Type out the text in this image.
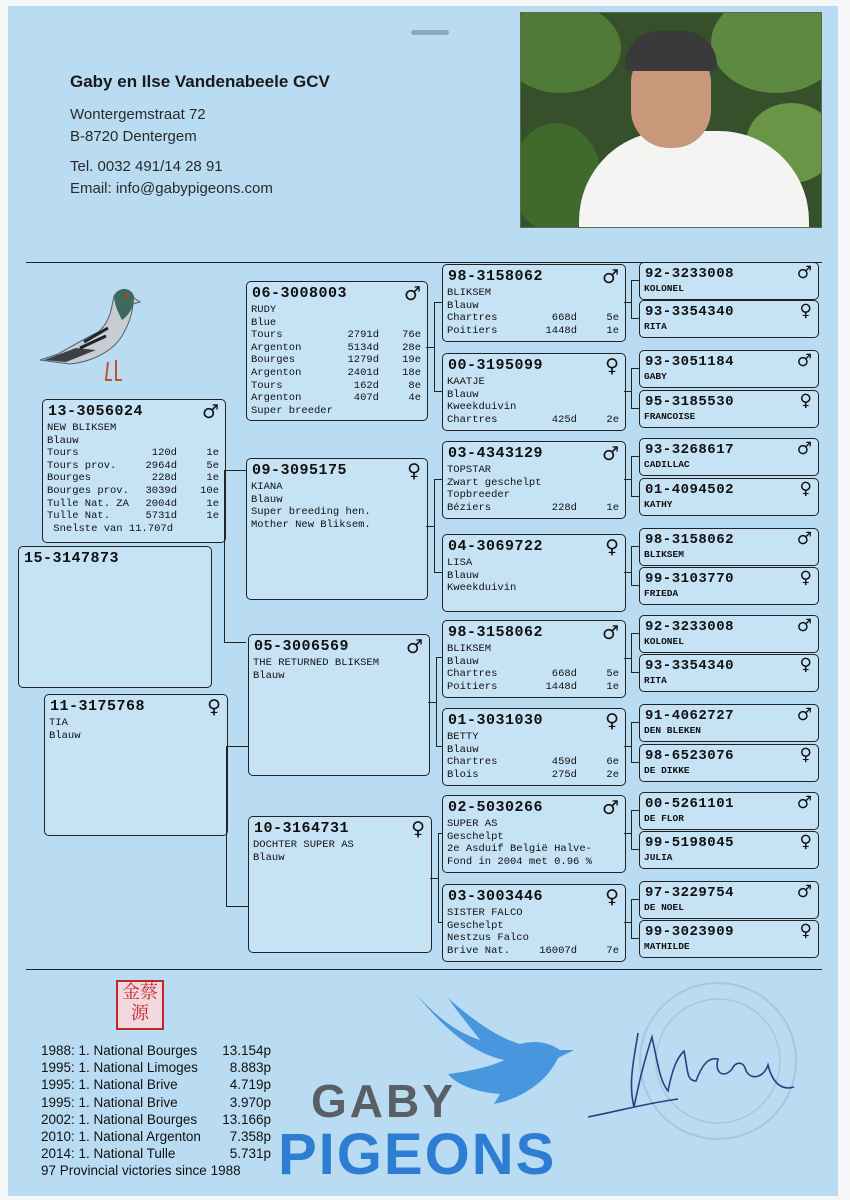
Gaby en Ilse Vandenabeele GCV
Wontergemstraat 72
B-8720 Dentergem
Tel. 0032 491/14 28 91
Email: info@gabypigeons.com
15-3147873
13-3056024	♂
NEW BLIKSEM
Blauw
Tours	120d	1e
Tours prov.	2964d	5e
Bourges	228d	1e
Bourges prov. 3039d 10e
Tulle Nat. ZA 2004d	1e
Tulle Nat.	5731d	1e
Snelste van 11.707d
11-3175768	♀
TIA
Blauw
06-3008003	♂
RUDY
Blue
Tours	2791d 76e
Argenton	5134d 28e
Bourges	1279d 19e
Argenton	2401d 18e
Tours	162d	8e
Argenton	407d	4e
Super breeder
09-3095175	♀
KIANA
Blauw
Super breeding hen.
Mother New Bliksem.
05-3006569	♂
THE RETURNED BLIKSEM
Blauw
10-3164731	♀
DOCHTER SUPER AS
Blauw
98-3158062	♂
BLIKSEM
Blauw
Chartres	668d	5e
Poitiers	1448d	1e
00-3195099	♀
KAATJE
Blauw
Kweekduivin
Chartres	425d	2e
03-4343129	♂
TOPSTAR
Zwart geschelpt
Topbreeder
Béziers	228d	1e
04-3069722	♀
LISA
Blauw
Kweekduivin
98-3158062	♂
BLIKSEM
Blauw
Chartres	668d	5e
Poitiers	1448d	1e
01-3031030	♀
BETTY
Blauw
Chartres	459d	6e
Blois	275d	2e
02-5030266	♂
SUPER AS
Geschelpt
2e Asduif België Halve-
Fond in 2004 met 0.96 %
03-3003446	♀
SISTER FALCO
Geschelpt
Nestzus Falco
Brive Nat.	16007d	7e
92-3233008	♂
KOLONEL
93-3354340	♀
RITA
93-3051184	♂
GABY
95-3185530	♀
FRANCOISE
93-3268617	♂
CADILLAC
01-4094502	♀
KATHY
98-3158062	♂
BLIKSEM
99-3103770	♀
FRIEDA
92-3233008	♂
KOLONEL
93-3354340	♀
RITA
91-4062727	♂
DEN BLEKEN
98-6523076	♀
DE DIKKE
00-5261101	♂
DE FLOR
99-5198045	♀
JULIA
97-3229754	♂
DE NOEL
99-3023909	♀
MATHILDE
金蔡
源
1988: 1. National Bourges 13.154p
1995: 1. National Limoges 8.883p
1995: 1. National Brive	4.719p
1995: 1. National Brive	3.970p
2002: 1. National Bourges 13.166p
2010: 1. National Argenton 7.358p
2014: 1. National Tulle	5.731p
97 Provincial victories since 1988
GABY
PIGEONS
